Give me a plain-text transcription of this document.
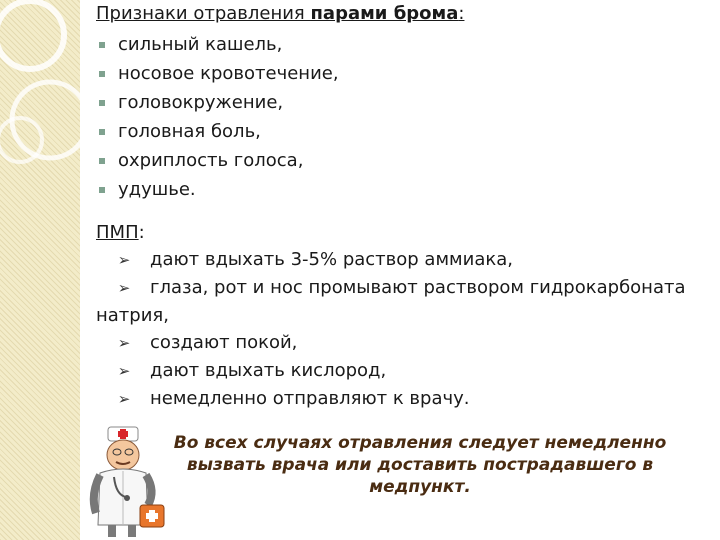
Признаки отравления парами брома:
сильный кашель,
носовое кровотечение,
головокружение,
головная боль,
охриплость голоса,
удушье.
ПМП:
➢ дают вдыхать 3-5% раствор аммиака,
➢ глаза, рот и нос промывают раствором гидрокарбоната натрия,
➢ создают покой,
➢ дают вдыхать кислород,
➢ немедленно отправляют к врачу.
Во всех случаях отравления следует немедленно вызвать врача или доставить пострадавшего в медпункт.
